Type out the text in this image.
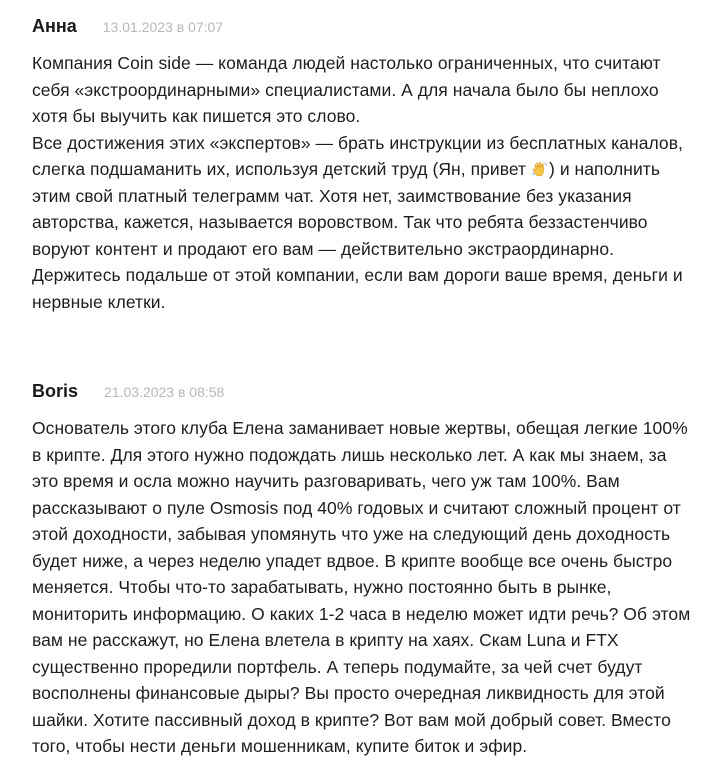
Анна 13.01.2023 в 07:07
Компания Coin side — команда людей настолько ограниченных, что считают
себя «экстроординарными» специалистами. А для начала было бы неплохо
хотя бы выучить как пишется это слово.
Все достижения этих «экспертов» — брать инструкции из бесплатных каналов,
слегка подшаманить их, используя детский труд (Ян, привет
) и наполнить
этим свой платный телеграмм чат. Хотя нет, заимствование без указания
авторства, кажется, называется воровством. Так что ребята беззастенчиво
воруют контент и продают его вам — действительно экстраординарно.
Держитесь подальше от этой компании, если вам дороги ваше время, деньги и
нервные клетки.
Boris 21.03.2023 в 08:58
Основатель этого клуба Елена заманивает новые жертвы, обещая легкие 100%
в крипте. Для этого нужно подождать лишь несколько лет. А как мы знаем, за
это время и осла можно научить разговаривать, чего уж там 100%. Вам
рассказывают о пуле Osmosis под 40% годовых и считают сложный процент от
этой доходности, забывая упомянуть что уже на следующий день доходность
будет ниже, а через неделю упадет вдвое. В крипте вообще все очень быстро
меняется. Чтобы что-то зарабатывать, нужно постоянно быть в рынке,
мониторить информацию. О каких 1-2 часа в неделю может идти речь? Об этом
вам не расскажут, но Елена влетела в крипту на хаях. Скам Luna и FTX
существенно проредили портфель. А теперь подумайте, за чей счет будут
восполнены финансовые дыры? Вы просто очередная ликвидность для этой
шайки. Хотите пассивный доход в крипте? Вот вам мой добрый совет. Вместо
того, чтобы нести деньги мошенникам, купите биток и эфир.
